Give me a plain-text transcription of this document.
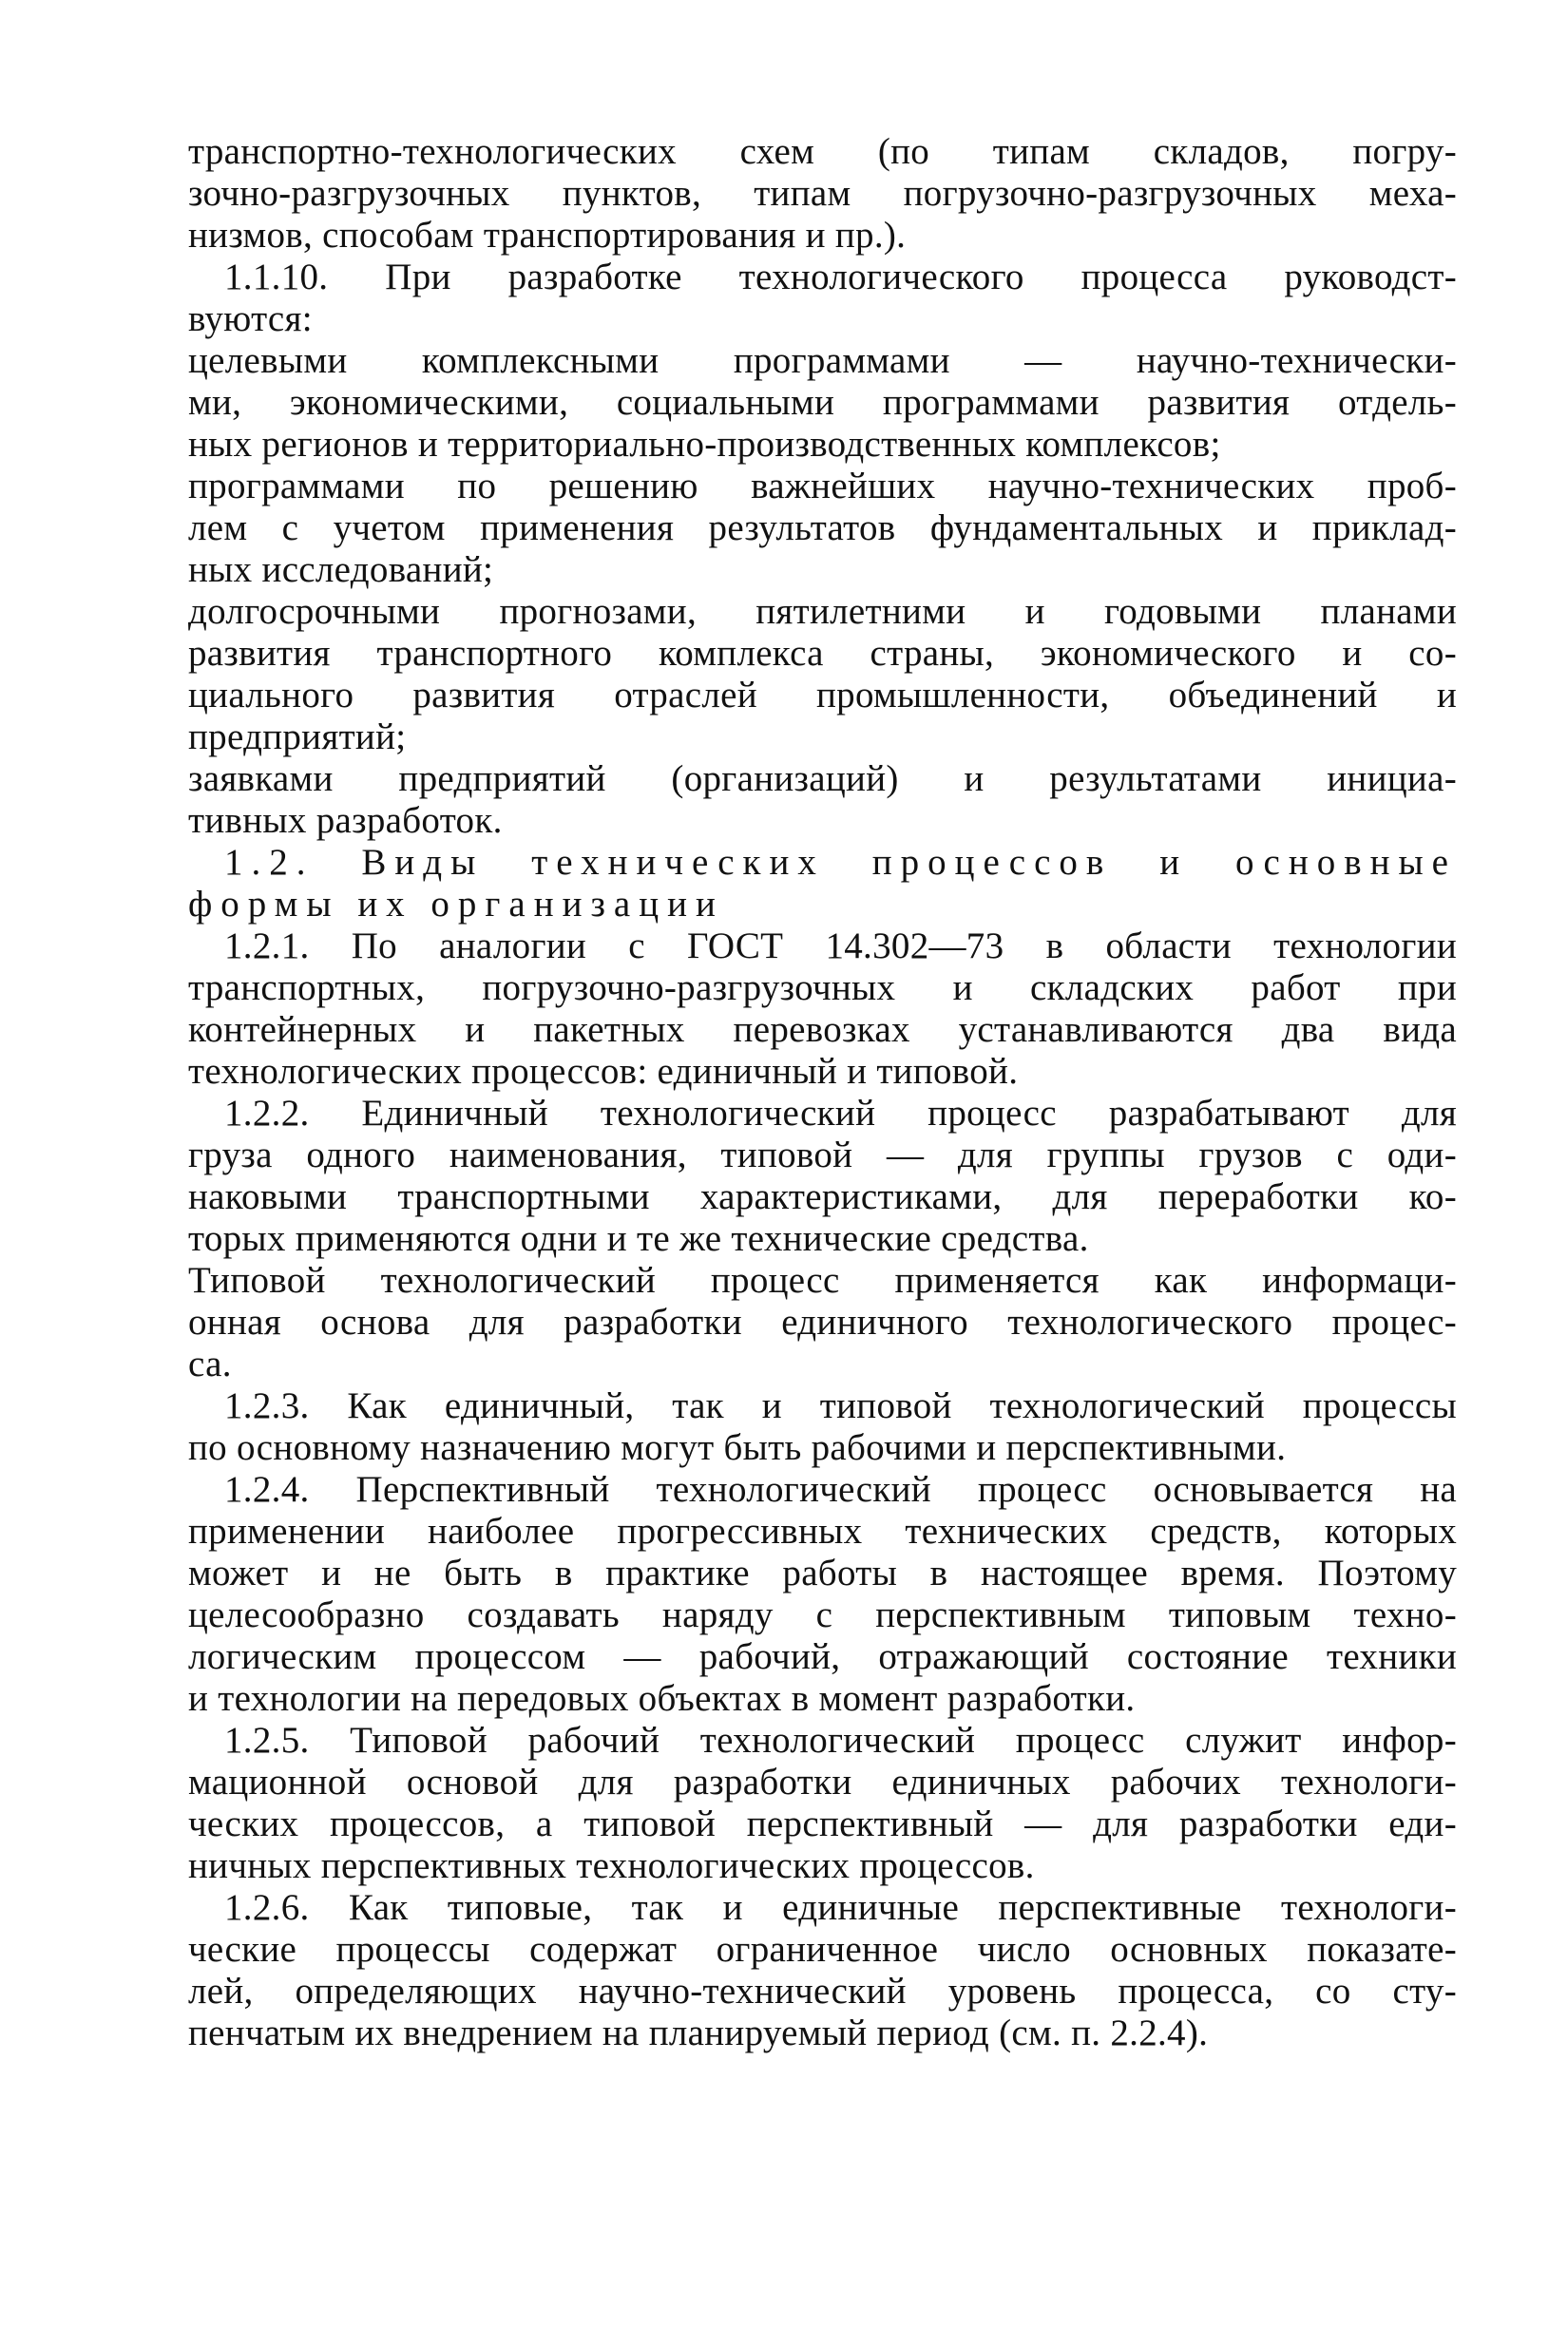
транспортно-технологических схем (по типам складов, погру-
зочно-разгрузочных пунктов, типам погрузочно-разгрузочных меха-
низмов, способам транспортирования и пр.).
1.1.10. При разработке технологического процесса руководст-
вуются:
целевыми комплексными программами — научно-технически-
ми, экономическими, социальными программами развития отдель-
ных регионов и территориально-производственных комплексов;
программами по решению важнейших научно-технических проб-
лем с учетом применения результатов фундаментальных и приклад-
ных исследований;
долгосрочными прогнозами, пятилетними и годовыми планами
развития транспортного комплекса страны, экономического и со-
циального развития отраслей промышленности, объединений и
предприятий;
заявками предприятий (организаций) и результатами инициа-
тивных разработок.
1.2. Виды технических процессов и основные
формы их организации
1.2.1. По аналогии с ГОСТ 14.302—73 в области технологии
транспортных, погрузочно-разгрузочных и складских работ при
контейнерных и пакетных перевозках устанавливаются два вида
технологических процессов: единичный и типовой.
1.2.2. Единичный технологический процесс разрабатывают для
груза одного наименования, типовой — для группы грузов с оди-
наковыми транспортными характеристиками, для переработки ко-
торых применяются одни и те же технические средства.
Типовой технологический процесс применяется как информаци-
онная основа для разработки единичного технологического процес-
са.
1.2.3. Как единичный, так и типовой технологический процессы
по основному назначению могут быть рабочими и перспективными.
1.2.4. Перспективный технологический процесс основывается на
применении наиболее прогрессивных технических средств, которых
может и не быть в практике работы в настоящее время. Поэтому
целесообразно создавать наряду с перспективным типовым техно-
логическим процессом — рабочий, отражающий состояние техники
и технологии на передовых объектах в момент разработки.
1.2.5. Типовой рабочий технологический процесс служит инфор-
мационной основой для разработки единичных рабочих технологи-
ческих процессов, а типовой перспективный — для разработки еди-
ничных перспективных технологических процессов.
1.2.6. Как типовые, так и единичные перспективные технологи-
ческие процессы содержат ограниченное число основных показате-
лей, определяющих научно-технический уровень процесса, со сту-
пенчатым их внедрением на планируемый период (см. п. 2.2.4).
